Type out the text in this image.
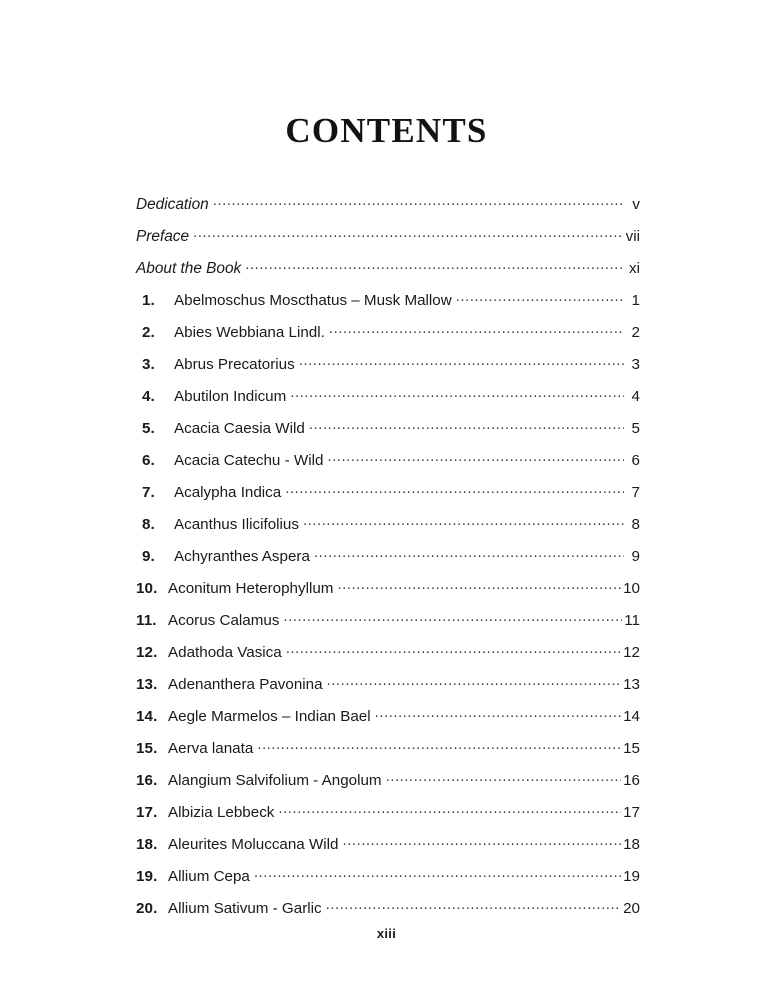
CONTENTS
Dedication .....	v
Preface .....	vii
About the Book .....	xi
1.	Abelmoschus Moscthatus – Musk Mallow .....	1
2.	Abies Webbiana Lindl. .....	2
3.	Abrus Precatorius .....	3
4.	Abutilon Indicum .....	4
5.	Acacia Caesia Wild .....	5
6.	Acacia Catechu - Wild .....	6
7.	Acalypha Indica .....	7
8.	Acanthus Ilicifolius .....	8
9.	Achyranthes Aspera .....	9
10. Aconitum Heterophyllum .....	10
11. Acorus Calamus .....	11
12. Adathoda Vasica .....	12
13. Adenanthera Pavonina .....	13
14. Aegle Marmelos – Indian Bael .....	14
15. Aerva lanata .....	15
16. Alangium Salvifolium - Angolum .....	16
17. Albizia Lebbeck .....	17
18. Aleurites Moluccana Wild .....	18
19. Allium Cepa .....	19
20. Allium Sativum - Garlic .....	20
xiii
